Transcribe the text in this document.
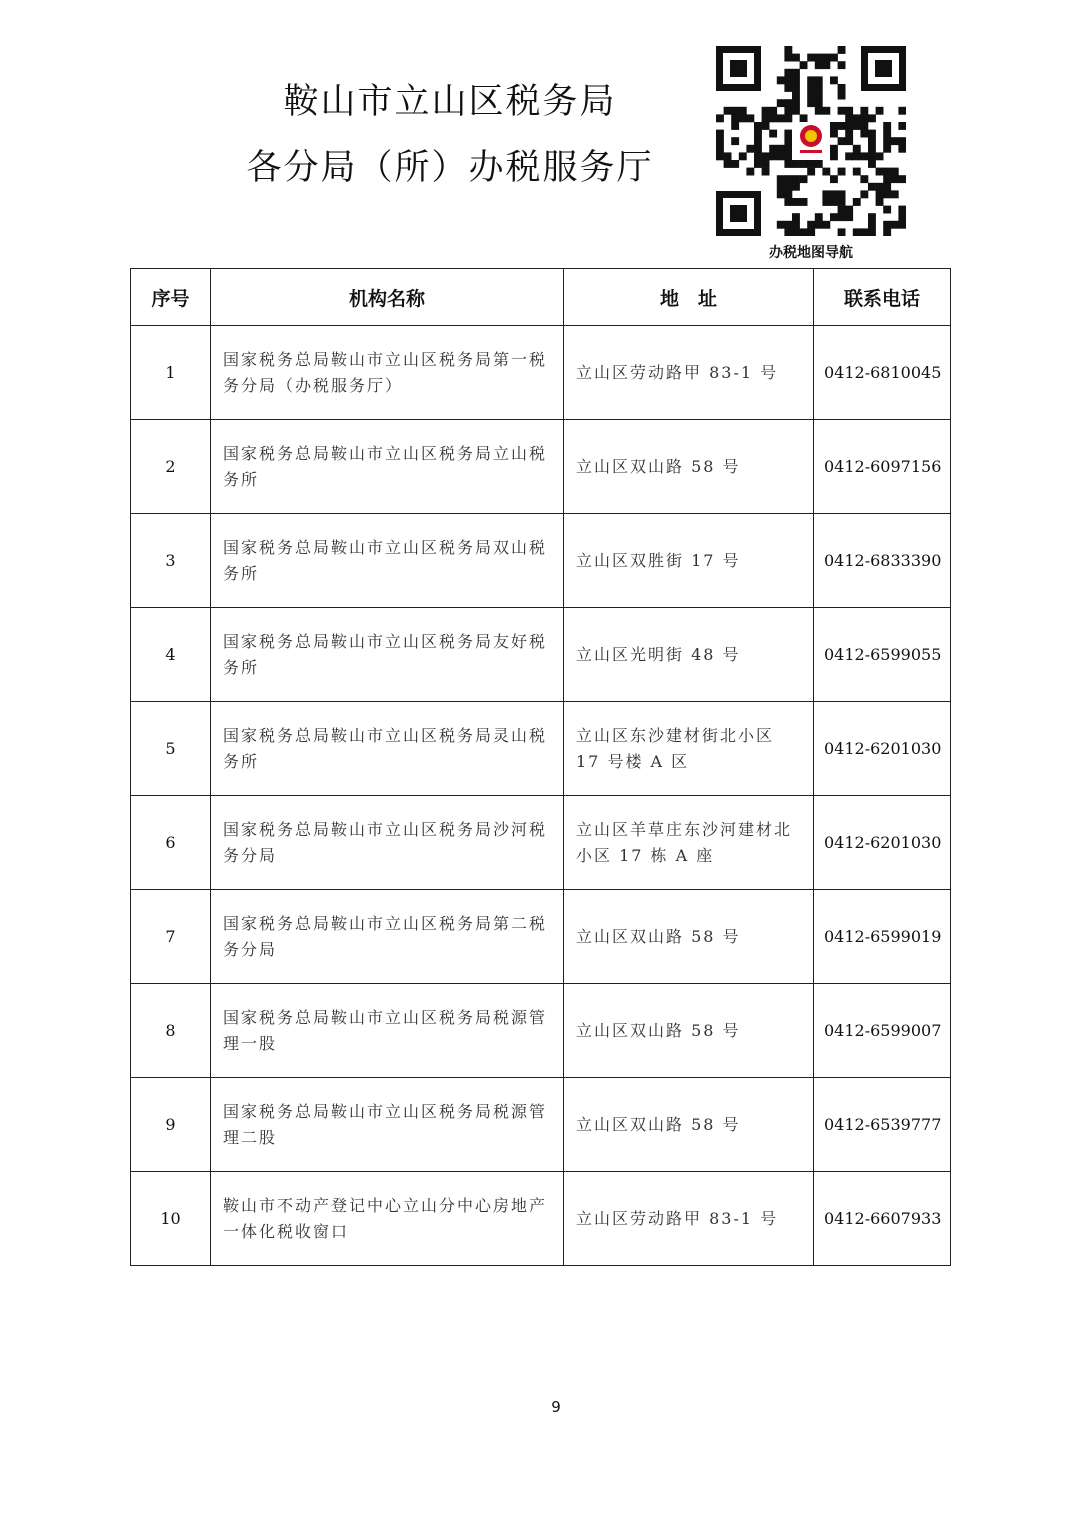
鞍山市立山区税务局
各分局（所）办税服务厅
办税地图导航
序号	机构名称	地　址	联系电话
1	国家税务总局鞍山市立山区税务局第一税务分局（办税服务厅）	立山区劳动路甲 83-1 号	0412-6810045
2	国家税务总局鞍山市立山区税务局立山税务所	立山区双山路 58 号	0412-6097156
3	国家税务总局鞍山市立山区税务局双山税务所	立山区双胜街 17 号	0412-6833390
4	国家税务总局鞍山市立山区税务局友好税务所	立山区光明街 48 号	0412-6599055
5	国家税务总局鞍山市立山区税务局灵山税务所	立山区东沙建材街北小区 17 号楼 A 区	0412-6201030
6	国家税务总局鞍山市立山区税务局沙河税务分局	立山区羊草庄东沙河建材北小区 17 栋 A 座	0412-6201030
7	国家税务总局鞍山市立山区税务局第二税务分局	立山区双山路 58 号	0412-6599019
8	国家税务总局鞍山市立山区税务局税源管理一股	立山区双山路 58 号	0412-6599007
9	国家税务总局鞍山市立山区税务局税源管理二股	立山区双山路 58 号	0412-6539777
10	鞍山市不动产登记中心立山分中心房地产一体化税收窗口	立山区劳动路甲 83-1 号	0412-6607933
9
